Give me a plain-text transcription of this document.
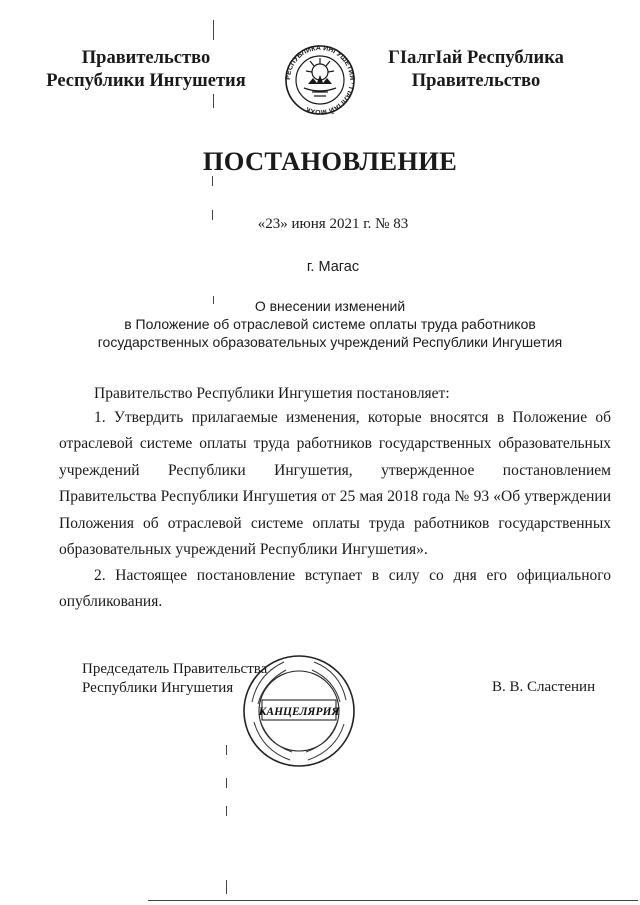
Правительство
Республики Ингушетия	РЕСПУБЛИКА ИНГУШЕТИЯ · ГIАЛГIАЙ МОХК
ГIалгIай Республика
Правительство
ПОСТАНОВЛЕНИЕ
«23» июня 2021 г. № 83
г. Магас
О внесении изменений
в Положение об отраслевой системе оплаты труда работников
государственных образовательных учреждений Республики Ингушетия
Правительство Республики Ингушетия постановляет:
1. Утвердить прилагаемые изменения, которые вносятся в Положение об отраслевой системе оплаты труда работников государственных образовательных учреждений Республики Ингушетия, утвержденное постановлением Правительства Республики Ингушетия от 25 мая 2018 года № 93 «Об утверждении Положения об отраслевой системе оплаты труда работников государственных образовательных учреждений Республики Ингушетия».
2. Настоящее постановление вступает в силу со дня его официального опубликования.
Председатель Правительства
Республики Ингушетия
КАНЦЕЛЯРИЯ
В. В. Сластенин
